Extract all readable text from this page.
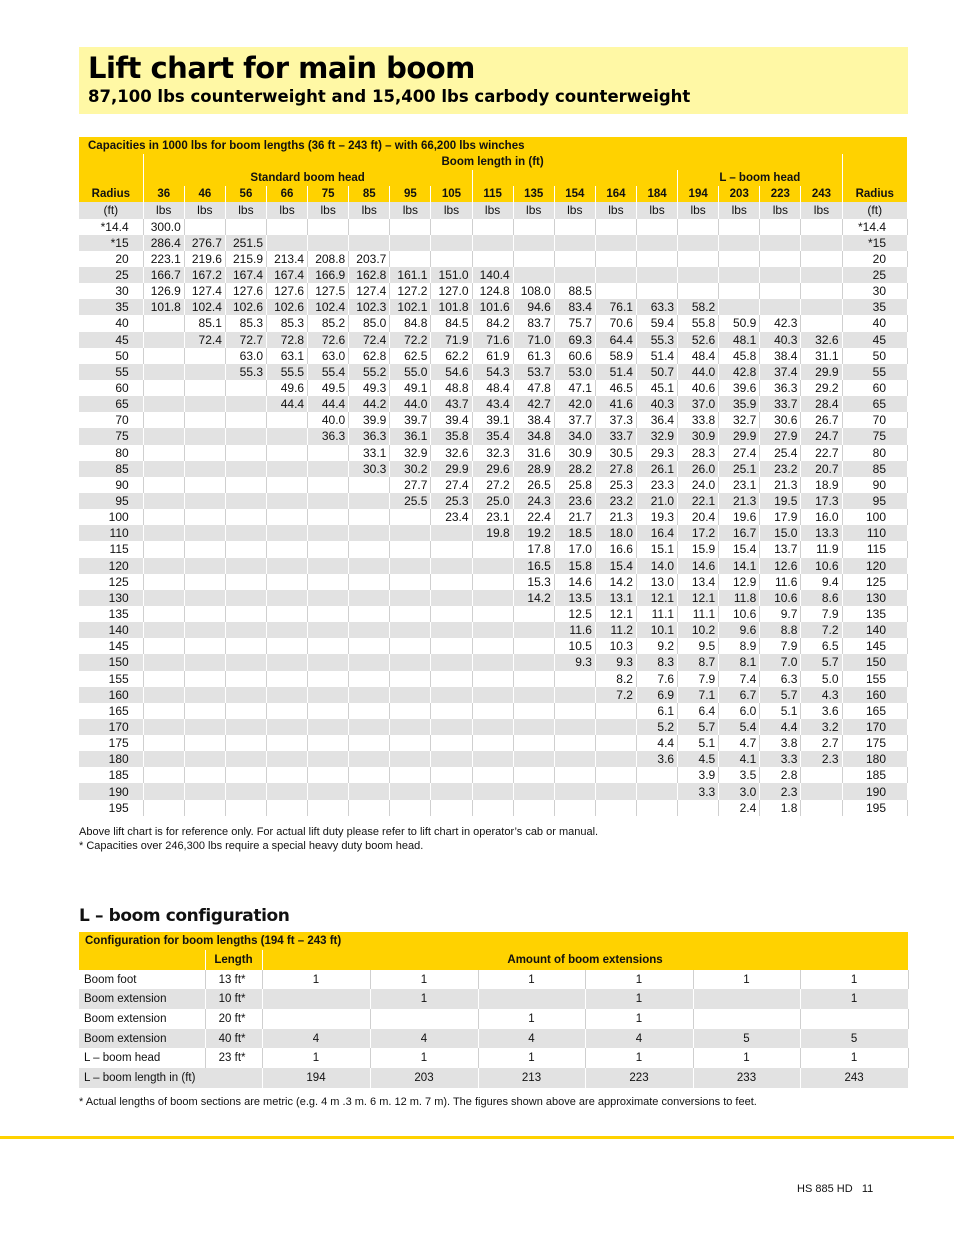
Lift chart for main boom
87,100 lbs counterweight and 15,400 lbs carbody counterweight
Capacities in 1000 lbs for boom lengths (36 ft – 243 ft) – with 66,200 lbs winches																		
	Boom length in (ft)																	
	Standard boom head													L – boom head				
Radius	36	46	56	66	75	85	95	105	115	135	154	164	184	194	203	223	243	Radius
(ft)	lbs	lbs	lbs	lbs	lbs	lbs	lbs	lbs	lbs	lbs	lbs	lbs	lbs	lbs	lbs	lbs	lbs	(ft)
*14.4	300.0																	*14.4
*15	286.4	276.7	251.5															*15
20	223.1	219.6	215.9	213.4	208.8	203.7												20
25	166.7	167.2	167.4	167.4	166.9	162.8	161.1	151.0	140.4									25
30	126.9	127.4	127.6	127.6	127.5	127.4	127.2	127.0	124.8	108.0	88.5							30
35	101.8	102.4	102.6	102.6	102.4	102.3	102.1	101.8	101.6	94.6	83.4	76.1	63.3	58.2				35
40		85.1	85.3	85.3	85.2	85.0	84.8	84.5	84.2	83.7	75.7	70.6	59.4	55.8	50.9	42.3		40
45		72.4	72.7	72.8	72.6	72.4	72.2	71.9	71.6	71.0	69.3	64.4	55.3	52.6	48.1	40.3	32.6	45
50			63.0	63.1	63.0	62.8	62.5	62.2	61.9	61.3	60.6	58.9	51.4	48.4	45.8	38.4	31.1	50
55			55.3	55.5	55.4	55.2	55.0	54.6	54.3	53.7	53.0	51.4	50.7	44.0	42.8	37.4	29.9	55
60				49.6	49.5	49.3	49.1	48.8	48.4	47.8	47.1	46.5	45.1	40.6	39.6	36.3	29.2	60
65				44.4	44.4	44.2	44.0	43.7	43.4	42.7	42.0	41.6	40.3	37.0	35.9	33.7	28.4	65
70					40.0	39.9	39.7	39.4	39.1	38.4	37.7	37.3	36.4	33.8	32.7	30.6	26.7	70
75					36.3	36.3	36.1	35.8	35.4	34.8	34.0	33.7	32.9	30.9	29.9	27.9	24.7	75
80						33.1	32.9	32.6	32.3	31.6	30.9	30.5	29.3	28.3	27.4	25.4	22.7	80
85						30.3	30.2	29.9	29.6	28.9	28.2	27.8	26.1	26.0	25.1	23.2	20.7	85
90							27.7	27.4	27.2	26.5	25.8	25.3	23.3	24.0	23.1	21.3	18.9	90
95							25.5	25.3	25.0	24.3	23.6	23.2	21.0	22.1	21.3	19.5	17.3	95
100								23.4	23.1	22.4	21.7	21.3	19.3	20.4	19.6	17.9	16.0	100
110									19.8	19.2	18.5	18.0	16.4	17.2	16.7	15.0	13.3	110
115										17.8	17.0	16.6	15.1	15.9	15.4	13.7	11.9	115
120										16.5	15.8	15.4	14.0	14.6	14.1	12.6	10.6	120
125										15.3	14.6	14.2	13.0	13.4	12.9	11.6	9.4	125
130										14.2	13.5	13.1	12.1	12.1	11.8	10.6	8.6	130
135											12.5	12.1	11.1	11.1	10.6	9.7	7.9	135
140											11.6	11.2	10.1	10.2	9.6	8.8	7.2	140
145											10.5	10.3	9.2	9.5	8.9	7.9	6.5	145
150											9.3	9.3	8.3	8.7	8.1	7.0	5.7	150
155												8.2	7.6	7.9	7.4	6.3	5.0	155
160												7.2	6.9	7.1	6.7	5.7	4.3	160
165													6.1	6.4	6.0	5.1	3.6	165
170													5.2	5.7	5.4	4.4	3.2	170
175													4.4	5.1	4.7	3.8	2.7	175
180													3.6	4.5	4.1	3.3	2.3	180
185														3.9	3.5	2.8		185
190														3.3	3.0	2.3		190
195															2.4	1.8		195
Above lift chart is for reference only. For actual lift duty please refer to lift chart in operator’s cab or manual.
* Capacities over 246,300 lbs require a special heavy duty boom head.
L – boom configuration
Configuration for boom lengths (194 ft – 243 ft)							
	Length	Amount of boom extensions					
Boom foot	13 ft*	1	1	1	1	1	1
Boom extension	10 ft*		1		1		1
Boom extension	20 ft*			1	1		
Boom extension	40 ft*	4	4	4	4	5	5
L – boom head	23 ft*	1	1	1	1	1	1
L – boom length in (ft)		194	203	213	223	233	243
* Actual lengths of boom sections are metric (e.g. 4 m .3 m. 6 m. 12 m. 7 m). The figures shown above are approximate conversions to feet.
HS 885 HD 11
